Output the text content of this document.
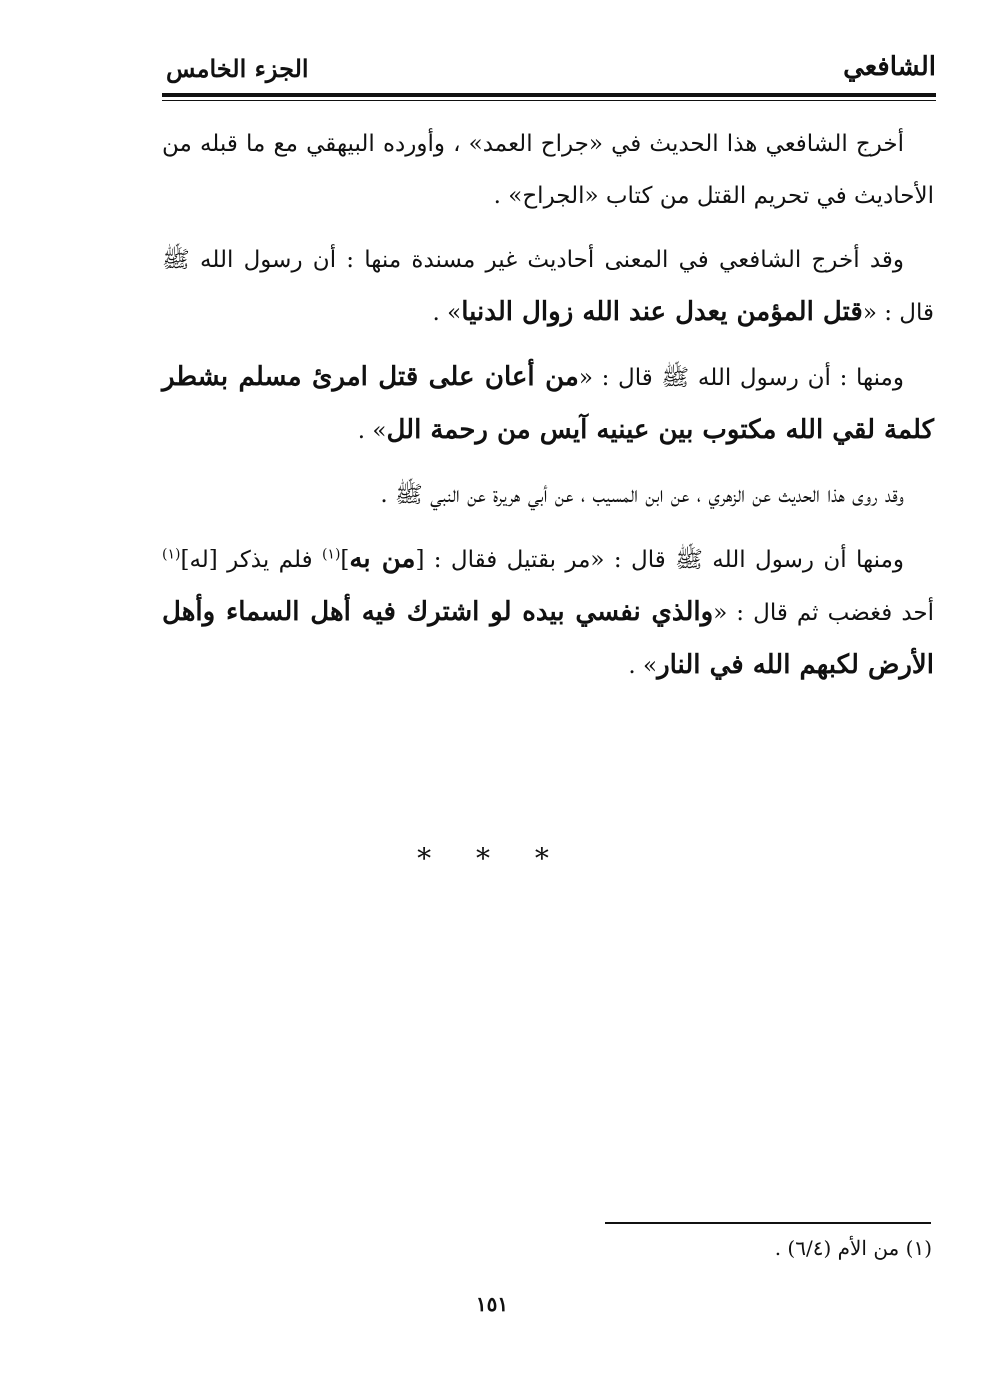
الشافعي
الجزء الخامس

أخرج الشافعي هذا الحديث في «جراح العمد» ، وأورده البيهقي مع ما قبله من الأحاديث في تحريم القتل من كتاب «الجراح» .

وقد أخرج الشافعي في المعنى أحاديث غير مسندة منها : أن رسول الله ﷺ قال : «قتل المؤمن يعدل عند الله زوال الدنيا» .

ومنها : أن رسول الله ﷺ قال : «من أعان على قتل امرئ مسلم بشطر كلمة لقي الله مكتوب بين عينيه آيس من رحمة الل» .

وقد روى هذا الحديث عن الزهري ، عن ابن المسيب ، عن أبي هريرة عن النبي ﷺ .

ومنها أن رسول الله ﷺ قال : «مر بقتيل فقال : [من به]$^{(١)}$ فلم يذكر [له]$^{(١)}$ أحد فغضب ثم قال : «والذي نفسي بيده لو اشترك فيه أهل السماء وأهل الأرض لكبهم الله في النار» .

* * *
(١) من الأم (٦/٤) .
١٥١
